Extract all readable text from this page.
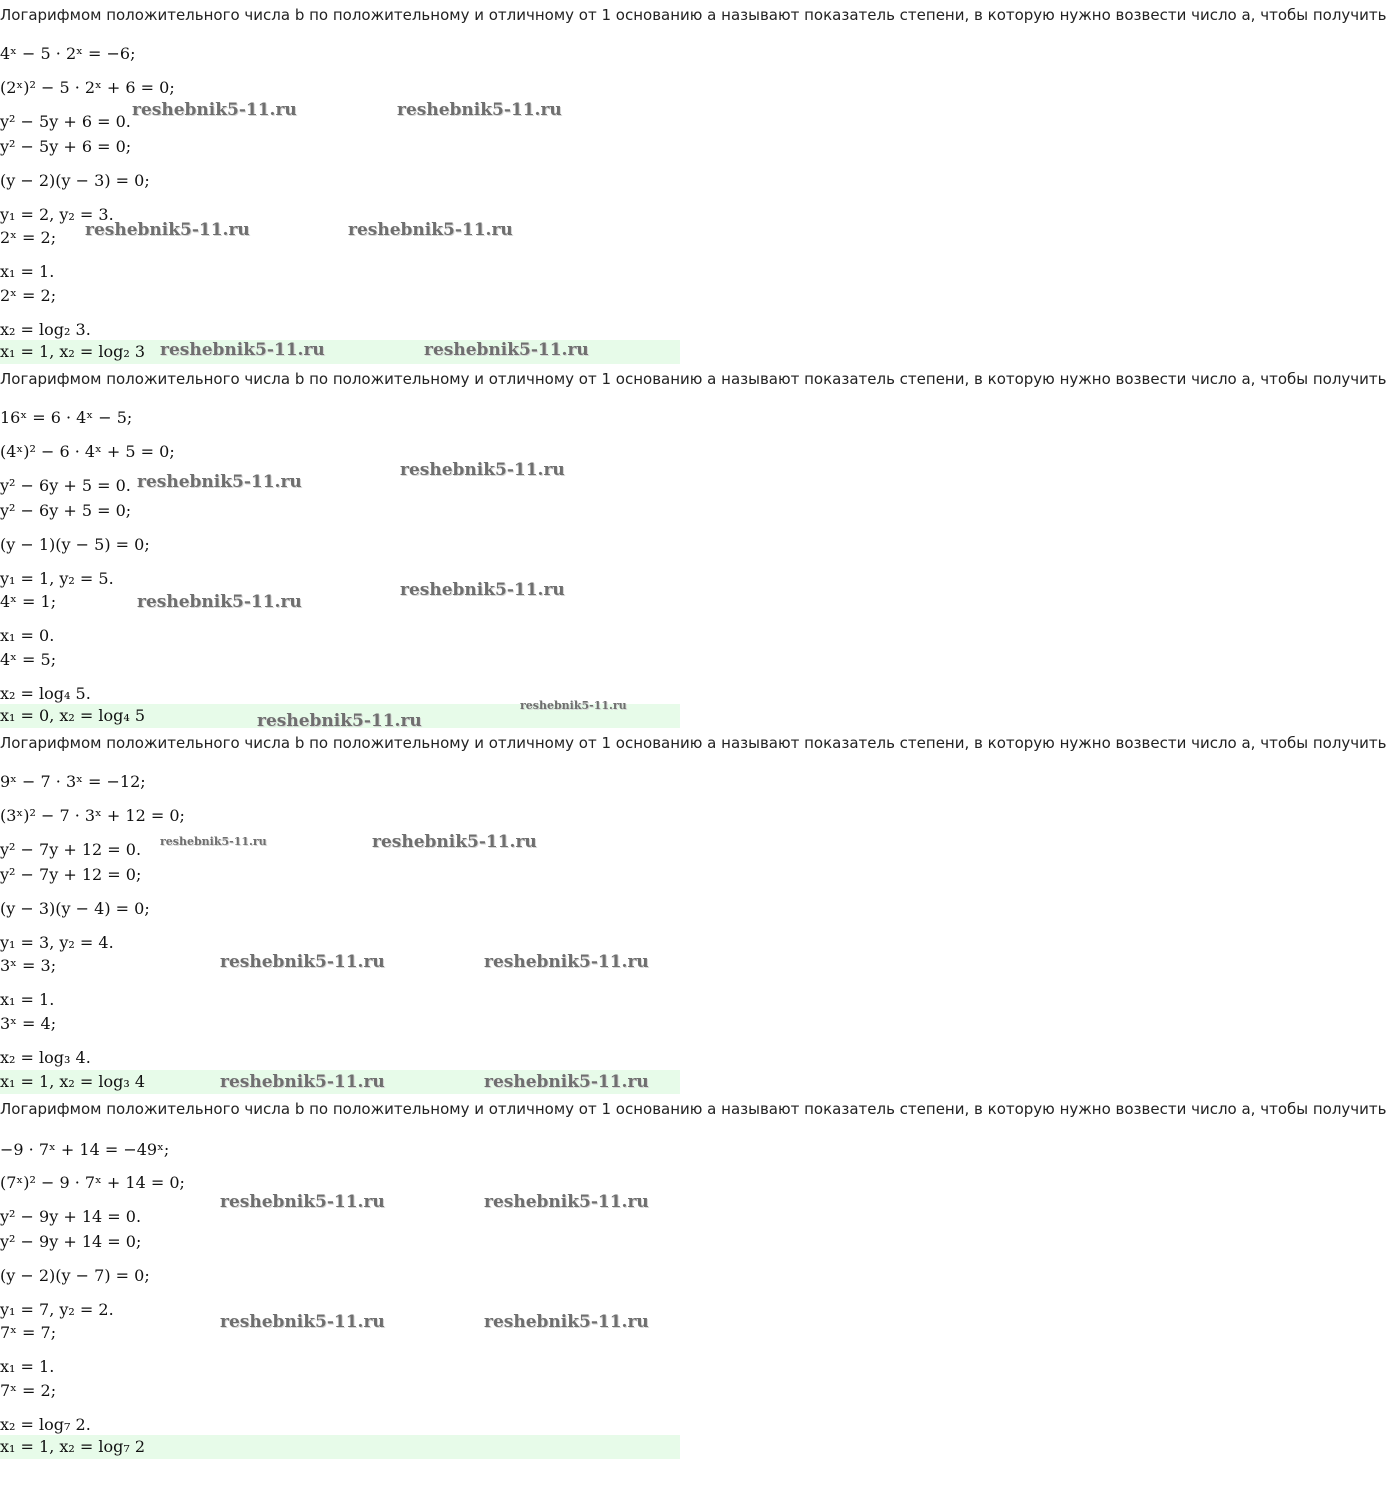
Логарифмом положительного числа b по положительному и отличному от 1 основанию a называют показатель степени, в которую нужно возвести число a, чтобы получить
4ˣ − 5 · 2ˣ = −6;
(2ˣ)² − 5 · 2ˣ + 6 = 0;
y² − 5y + 6 = 0.
y² − 5y + 6 = 0;
(y − 2)(y − 3) = 0;
y₁ = 2, y₂ = 3.
2ˣ = 2;
x₁ = 1.
2ˣ = 2;
x₂ = log₂ 3.
x₁ = 1, x₂ = log₂ 3
Логарифмом положительного числа b по положительному и отличному от 1 основанию a называют показатель степени, в которую нужно возвести число a, чтобы получить
16ˣ = 6 · 4ˣ − 5;
(4ˣ)² − 6 · 4ˣ + 5 = 0;
y² − 6y + 5 = 0.
y² − 6y + 5 = 0;
(y − 1)(y − 5) = 0;
y₁ = 1, y₂ = 5.
4ˣ = 1;
x₁ = 0.
4ˣ = 5;
x₂ = log₄ 5.
x₁ = 0, x₂ = log₄ 5
Логарифмом положительного числа b по положительному и отличному от 1 основанию a называют показатель степени, в которую нужно возвести число a, чтобы получить
9ˣ − 7 · 3ˣ = −12;
(3ˣ)² − 7 · 3ˣ + 12 = 0;
y² − 7y + 12 = 0.
y² − 7y + 12 = 0;
(y − 3)(y − 4) = 0;
y₁ = 3, y₂ = 4.
3ˣ = 3;
x₁ = 1.
3ˣ = 4;
x₂ = log₃ 4.
x₁ = 1, x₂ = log₃ 4
Логарифмом положительного числа b по положительному и отличному от 1 основанию a называют показатель степени, в которую нужно возвести число a, чтобы получить
−9 · 7ˣ + 14 = −49ˣ;
(7ˣ)² − 9 · 7ˣ + 14 = 0;
y² − 9y + 14 = 0.
y² − 9y + 14 = 0;
(y − 2)(y − 7) = 0;
y₁ = 7, y₂ = 2.
7ˣ = 7;
x₁ = 1.
7ˣ = 2;
x₂ = log₇ 2.
x₁ = 1, x₂ = log₇ 2
reshebnik5-11.ru	reshebnik5-11.ru
reshebnik5-11.ru	reshebnik5-11.ru
reshebnik5-11.ru	reshebnik5-11.ru
reshebnik5-11.ru
reshebnik5-11.ru
reshebnik5-11.ru
reshebnik5-11.ru
reshebnik5-11.ru
reshebnik5-11.ru
reshebnik5-11.ru	reshebnik5-11.ru
reshebnik5-11.ru	reshebnik5-11.ru
reshebnik5-11.ru	reshebnik5-11.ru
reshebnik5-11.ru	reshebnik5-11.ru
reshebnik5-11.ru	reshebnik5-11.ru
